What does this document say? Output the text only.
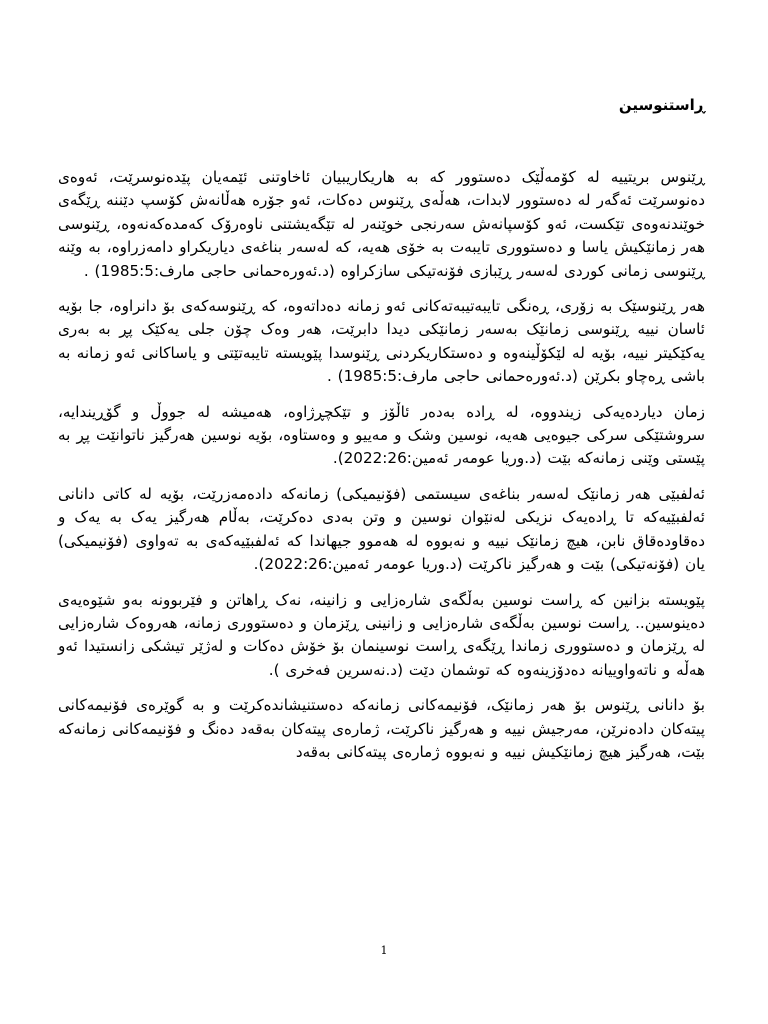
ڕاستنوسین

ڕێنوس بریتییە لە کۆمەڵێک دەستوور کە بە هاریکاریبیان ئاخاوتنی ئێمەیان پێدەنوسرێت، ئەوەی دەنوسرێت ئەگەر لە دەستوور لابدات، هەڵەی ڕێنوس دەکات، ئەو جۆرە هەڵانەش کۆسپ دێننە ڕێگەی خوێندنەوەی تێکست، ئەو کۆسپانەش سەرنجی خوێنەر لە تێگەیشتنی ناوەرۆک کەمدەکەنەوە، ڕێنوسی هەر زمانێکیش یاسا و دەستووری تایبەت بە خۆی هەیە، کە لەسەر بناغەی دیاریکراو دامەزراوە، بە وێنە ڕێنوسی زمانی کوردی لەسەر ڕێبازی فۆنەتیکی سازکراوە (د.ئەورەحمانی حاجی مارف:1985:5) .

هەر ڕێنوسێک بە زۆری، ڕەنگی تایبەتیبەتەکانی ئەو زمانە دەداتەوە، کە ڕێنوسەکەی بۆ دانراوە، جا بۆیە ئاسان نییە ڕێنوسی زمانێک بەسەر زمانێکی دیدا دابرێت، هەر وەک چۆن جلی یەکێک پڕ بە بەری یەکێکیتر نییە، بۆیە لە لێکۆڵینەوە و دەستکاریکردنی ڕێنوسدا پێویستە تایبەتێتی و یاساکانی ئەو زمانە بە باشی ڕەچاو بکرێن (د.ئەورەحمانی حاجی مارف:1985:5) .

زمان دیاردەیەکی زیندووە، لە ڕادە بەدەر ئاڵۆز و تێکچڕژاوە، هەمیشە لە جووڵ و گۆڕیندایە، سروشتێکی سرکی جیوەیی هەیە، نوسین وشک و مەییو و وەستاوە، بۆیە نوسین هەرگیز ناتوانێت پڕ بە پێستی وێنی زمانەکە بێت (د.وریا عومەر ئەمین:2022:26).

ئەلفبێی هەر زمانێک لەسەر بناغەی سیستمی (فۆنیمیکی) زمانەکە دادەمەزرێت، بۆیە لە کاتی دانانی ئەلفبێیەکە تا ڕادەیەک نزیکی لەنێوان نوسین و وتن بەدی دەکرێت، بەڵام هەرگیز یەک بە یەک و دەقاودەقاق نابن، هیچ زمانێک نییە و نەبووە لە هەموو جیهاندا کە ئەلفبێیەکەی بە تەواوی (فۆنیمیکی) یان (فۆنەتیکی) بێت و هەرگیز ناکرێت (د.وریا عومەر ئەمین:2022:26).

پێویستە بزانین کە ڕاست نوسین بەڵگەی شارەزایی و زانینە، نەک ڕاهاتن و فێربوونە بەو شێوەیەی دەینوسین.. ڕاست نوسین بەڵگەی شارەزایی و زانینی ڕێزمان و دەستووری زمانە، هەروەک شارەزایی لە ڕێزمان و دەستووری زماندا ڕێگەی ڕاست نوسینمان بۆ خۆش دەکات و لەژێر تیشکی زانستیدا ئەو هەڵە و ناتەواوییانە دەدۆزینەوە کە توشمان دێت (د.نەسرین فەخری ).

بۆ دانانی ڕێنوس بۆ هەر زمانێک، فۆنیمەکانی زمانەکە دەستنیشاندەکرێت و بە گوێرەی فۆنیمەکانی پیتەکان دادەنرێن، مەرجیش نییە و هەرگیز ناکرێت، ژمارەی پیتەکان بەقەد دەنگ و فۆنیمەکانی زمانەکە بێت، هەرگیز هیچ زمانێکیش نییە و نەبووە ژمارەی پیتەکانی بەقەد

1
